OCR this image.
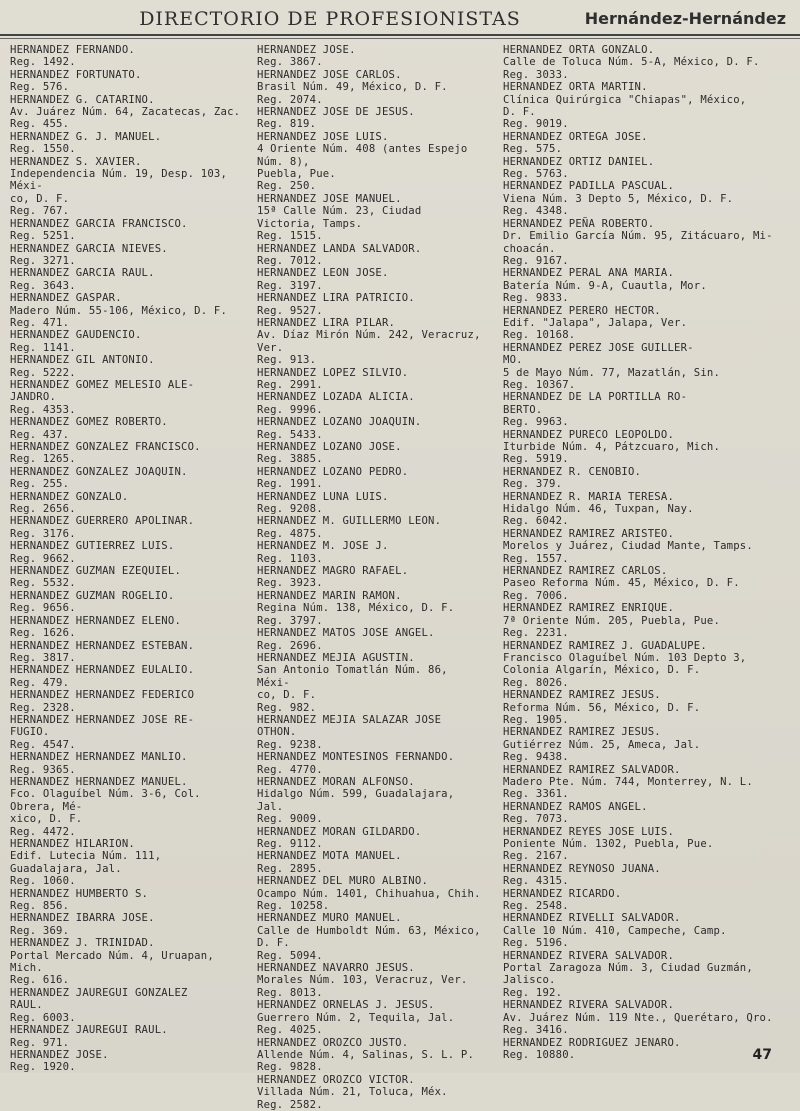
DIRECTORIO DE PROFESIONISTAS	Hernández-Hernández
HERNANDEZ FERNANDO.
Reg. 1492.
HERNANDEZ FORTUNATO.
Reg. 576.
HERNANDEZ G. CATARINO.
Av. Juárez Núm. 64, Zacatecas, Zac.
Reg. 455.
HERNANDEZ G. J. MANUEL.
Reg. 1550.
HERNANDEZ S. XAVIER.
Independencia Núm. 19, Desp. 103, Méxi-
co, D. F.
Reg. 767.
HERNANDEZ GARCIA FRANCISCO.
Reg. 5251.
HERNANDEZ GARCIA NIEVES.
Reg. 3271.
HERNANDEZ GARCIA RAUL.
Reg. 3643.
HERNANDEZ GASPAR.
Madero Núm. 55-106, México, D. F.
Reg. 471.
HERNANDEZ GAUDENCIO.
Reg. 1141.
HERNANDEZ GIL ANTONIO.
Reg. 5222.
HERNANDEZ GOMEZ MELESIO ALE-
JANDRO.
Reg. 4353.
HERNANDEZ GOMEZ ROBERTO.
Reg. 437.
HERNANDEZ GONZALEZ FRANCISCO.
Reg. 1265.
HERNANDEZ GONZALEZ JOAQUIN.
Reg. 255.
HERNANDEZ GONZALO.
Reg. 2656.
HERNANDEZ GUERRERO APOLINAR.
Reg. 3176.
HERNANDEZ GUTIERREZ LUIS.
Reg. 9662.
HERNANDEZ GUZMAN EZEQUIEL.
Reg. 5532.
HERNANDEZ GUZMAN ROGELIO.
Reg. 9656.
HERNANDEZ HERNANDEZ ELENO.
Reg. 1626.
HERNANDEZ HERNANDEZ ESTEBAN.
Reg. 3817.
HERNANDEZ HERNANDEZ EULALIO.
Reg. 479.
HERNANDEZ HERNANDEZ FEDERICO
Reg. 2328.
HERNANDEZ HERNANDEZ JOSE RE-
FUGIO.
Reg. 4547.
HERNANDEZ HERNANDEZ MANLIO.
Reg. 9365.
HERNANDEZ HERNANDEZ MANUEL.
Fco. Olaguíbel Núm. 3-6, Col. Obrera, Mé-
xico, D. F.
Reg. 4472.
HERNANDEZ HILARION.
Edif. Lutecia Núm. 111, Guadalajara, Jal.
Reg. 1060.
HERNANDEZ HUMBERTO S.
Reg. 856.
HERNANDEZ IBARRA JOSE.
Reg. 369.
HERNANDEZ J. TRINIDAD.
Portal Mercado Núm. 4, Uruapan, Mich.
Reg. 616.
HERNANDEZ JAUREGUI GONZALEZ
RAUL.
Reg. 6003.
HERNANDEZ JAUREGUI RAUL.
Reg. 971.
HERNANDEZ JOSE.
Reg. 1920.
HERNANDEZ JOSE.
Reg. 3867.
HERNANDEZ JOSE CARLOS.
Brasil Núm. 49, México, D. F.
Reg. 2074.
HERNANDEZ JOSE DE JESUS.
Reg. 819.
HERNANDEZ JOSE LUIS.
4 Oriente Núm. 408 (antes Espejo Núm. 8),
Puebla, Pue.
Reg. 250.
HERNANDEZ JOSE MANUEL.
15ª Calle Núm. 23, Ciudad Victoria, Tamps.
Reg. 1515.
HERNANDEZ LANDA SALVADOR.
Reg. 7012.
HERNANDEZ LEON JOSE.
Reg. 3197.
HERNANDEZ LIRA PATRICIO.
Reg. 9527.
HERNANDEZ LIRA PILAR.
Av. Díaz Mirón Núm. 242, Veracruz, Ver.
Reg. 913.
HERNANDEZ LOPEZ SILVIO.
Reg. 2991.
HERNANDEZ LOZADA ALICIA.
Reg. 9996.
HERNANDEZ LOZANO JOAQUIN.
Reg. 5433.
HERNANDEZ LOZANO JOSE.
Reg. 3885.
HERNANDEZ LOZANO PEDRO.
Reg. 1991.
HERNANDEZ LUNA LUIS.
Reg. 9208.
HERNANDEZ M. GUILLERMO LEON.
Reg. 4875.
HERNANDEZ M. JOSE J.
Reg. 1103.
HERNANDEZ MAGRO RAFAEL.
Reg. 3923.
HERNANDEZ MARIN RAMON.
Regina Núm. 138, México, D. F.
Reg. 3797.
HERNANDEZ MATOS JOSE ANGEL.
Reg. 2696.
HERNANDEZ MEJIA AGUSTIN.
San Antonio Tomatlán Núm. 86, Méxi-
co, D. F.
Reg. 982.
HERNANDEZ MEJIA SALAZAR JOSE
OTHON.
Reg. 9238.
HERNANDEZ MONTESINOS FERNANDO.
Reg. 4770.
HERNANDEZ MORAN ALFONSO.
Hidalgo Núm. 599, Guadalajara, Jal.
Reg. 9009.
HERNANDEZ MORAN GILDARDO.
Reg. 9112.
HERNANDEZ MOTA MANUEL.
Reg. 2895.
HERNANDEZ DEL MURO ALBINO.
Ocampo Núm. 1401, Chihuahua, Chih.
Reg. 10258.
HERNANDEZ MURO MANUEL.
Calle de Humboldt Núm. 63, México, D. F.
Reg. 5094.
HERNANDEZ NAVARRO JESUS.
Morales Núm. 103, Veracruz, Ver.
Reg. 8013.
HERNANDEZ ORNELAS J. JESUS.
Guerrero Núm. 2, Tequila, Jal.
Reg. 4025.
HERNANDEZ OROZCO JUSTO.
Allende Núm. 4, Salinas, S. L. P.
Reg. 9828.
HERNANDEZ OROZCO VICTOR.
Villada Núm. 21, Toluca, Méx.
Reg. 2582.
HERNANDEZ ORTA GONZALO.
Calle de Toluca Núm. 5-A, México, D. F.
Reg. 3033.
HERNANDEZ ORTA MARTIN.
Clínica Quirúrgica "Chiapas", México,
D. F.
Reg. 9019.
HERNANDEZ ORTEGA JOSE.
Reg. 575.
HERNANDEZ ORTIZ DANIEL.
Reg. 5763.
HERNANDEZ PADILLA PASCUAL.
Viena Núm. 3 Depto 5, México, D. F.
Reg. 4348.
HERNANDEZ PEÑA ROBERTO.
Dr. Emilio García Núm. 95, Zitácuaro, Mi-
choacán.
Reg. 9167.
HERNANDEZ PERAL ANA MARIA.
Batería Núm. 9-A, Cuautla, Mor.
Reg. 9833.
HERNANDEZ PERERO HECTOR.
Edif. "Jalapa", Jalapa, Ver.
Reg. 10168.
HERNANDEZ PEREZ JOSE GUILLER-
MO.
5 de Mayo Núm. 77, Mazatlán, Sin.
Reg. 10367.
HERNANDEZ DE LA PORTILLA RO-
BERTO.
Reg. 9963.
HERNANDEZ PURECO LEOPOLDO.
Iturbide Núm. 4, Pátzcuaro, Mich.
Reg. 5919.
HERNANDEZ R. CENOBIO.
Reg. 379.
HERNANDEZ R. MARIA TERESA.
Hidalgo Núm. 46, Tuxpan, Nay.
Reg. 6042.
HERNANDEZ RAMIREZ ARISTEO.
Morelos y Juárez, Ciudad Mante, Tamps.
Reg. 1557.
HERNANDEZ RAMIREZ CARLOS.
Paseo Reforma Núm. 45, México, D. F.
Reg. 7006.
HERNANDEZ RAMIREZ ENRIQUE.
7ª Oriente Núm. 205, Puebla, Pue.
Reg. 2231.
HERNANDEZ RAMIREZ J. GUADALUPE.
Francisco Olaguíbel Núm. 103 Depto 3,
Colonia Algarín, México, D. F.
Reg. 8026.
HERNANDEZ RAMIREZ JESUS.
Reforma Núm. 56, México, D. F.
Reg. 1905.
HERNANDEZ RAMIREZ JESUS.
Gutiérrez Núm. 25, Ameca, Jal.
Reg. 9438.
HERNANDEZ RAMIREZ SALVADOR.
Madero Pte. Núm. 744, Monterrey, N. L.
Reg. 3361.
HERNANDEZ RAMOS ANGEL.
Reg. 7073.
HERNANDEZ REYES JOSE LUIS.
Poniente Núm. 1302, Puebla, Pue.
Reg. 2167.
HERNANDEZ REYNOSO JUANA.
Reg. 4315.
HERNANDEZ RICARDO.
Reg. 2548.
HERNANDEZ RIVELLI SALVADOR.
Calle 10 Núm. 410, Campeche, Camp.
Reg. 5196.
HERNANDEZ RIVERA SALVADOR.
Portal Zaragoza Núm. 3, Ciudad Guzmán,
Jalisco.
Reg. 192.
HERNANDEZ RIVERA SALVADOR.
Av. Juárez Núm. 119 Nte., Querétaro, Qro.
Reg. 3416.
HERNANDEZ RODRIGUEZ JENARO.
Reg. 10880.	47
